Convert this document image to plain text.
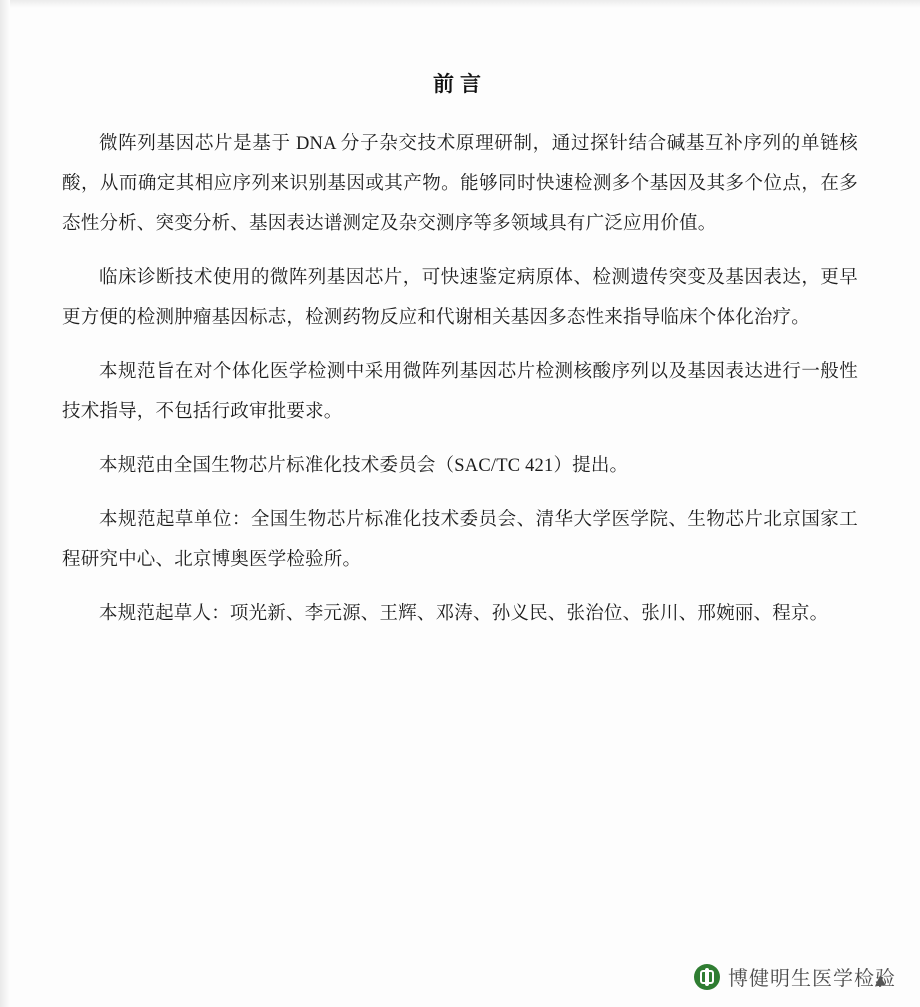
前言

微阵列基因芯片是基于 DNA 分子杂交技术原理研制，通过探针结合碱基互补序列的单链核酸，从而确定其相应序列来识别基因或其产物。能够同时快速检测多个基因及其多个位点，在多态性分析、突变分析、基因表达谱测定及杂交测序等多领域具有广泛应用价值。

临床诊断技术使用的微阵列基因芯片，可快速鉴定病原体、检测遗传突变及基因表达，更早更方便的检测肿瘤基因标志，检测药物反应和代谢相关基因多态性来指导临床个体化治疗。

本规范旨在对个体化医学检测中采用微阵列基因芯片检测核酸序列以及基因表达进行一般性技术指导，不包括行政审批要求。

本规范由全国生物芯片标准化技术委员会（SAC/TC 421）提出。

本规范起草单位：全国生物芯片标准化技术委员会、清华大学医学院、生物芯片北京国家工程研究中心、北京博奥医学检验所。

本规范起草人：项光新、李元源、王辉、邓涛、孙义民、张治位、张川、邢婉丽、程京。

博健明生医学检验
